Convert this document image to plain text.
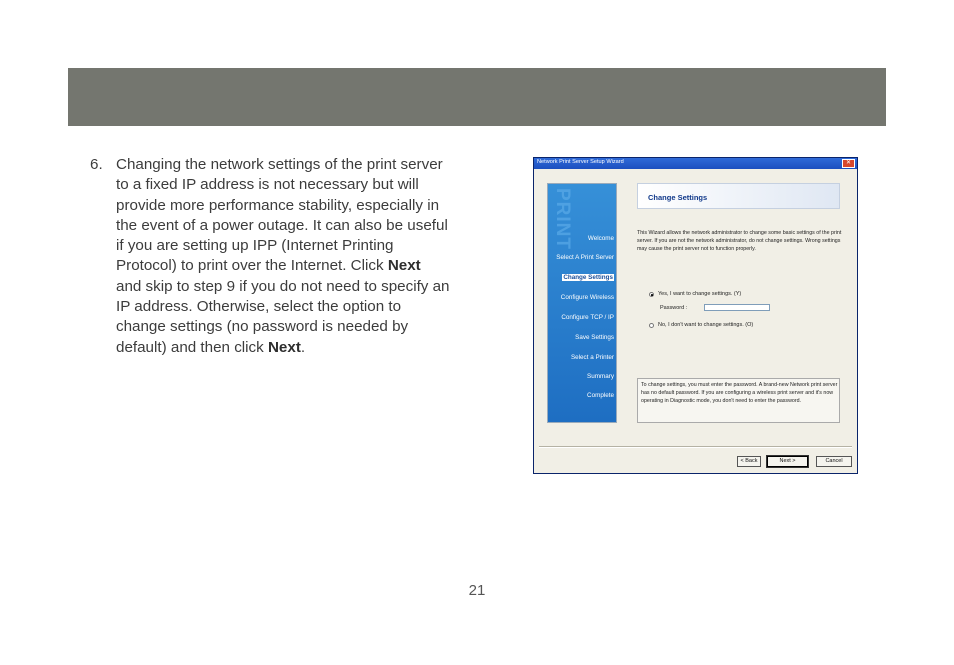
6. Changing the network settings of the print server to a fixed IP address is not necessary but will provide more performance stability, especially in the event of a power outage. It can also be useful if you are setting up IPP (Internet Printing Protocol) to print over the Internet. Click Next and skip to step 9 if you do not need to specify an IP address. Otherwise, select the option to change settings (no password is needed by default) and then click Next.
Network Print Server Setup Wizard	✕
PRINT Welcome
Select A Print Server
Change Settings
Configure Wireless
Configure TCP / IP
Save Settings
Select a Printer
Summary
Complete
Change Settings
This Wizard allows the network administrator to change some basic settings of the print server. If you are not the network administrator, do not change settings. Wrong settings may cause the print server not to function properly.
Yes, I want to change settings. (Y)
Password :
No, I don't want to change settings. (O)
To change settings, you must enter the password. A brand-new Network print server has no default password. If you are configuring a wireless print server and it's now operating in Diagnostic mode, you don't need to enter the password.
< Back	Next >	Cancel
21
